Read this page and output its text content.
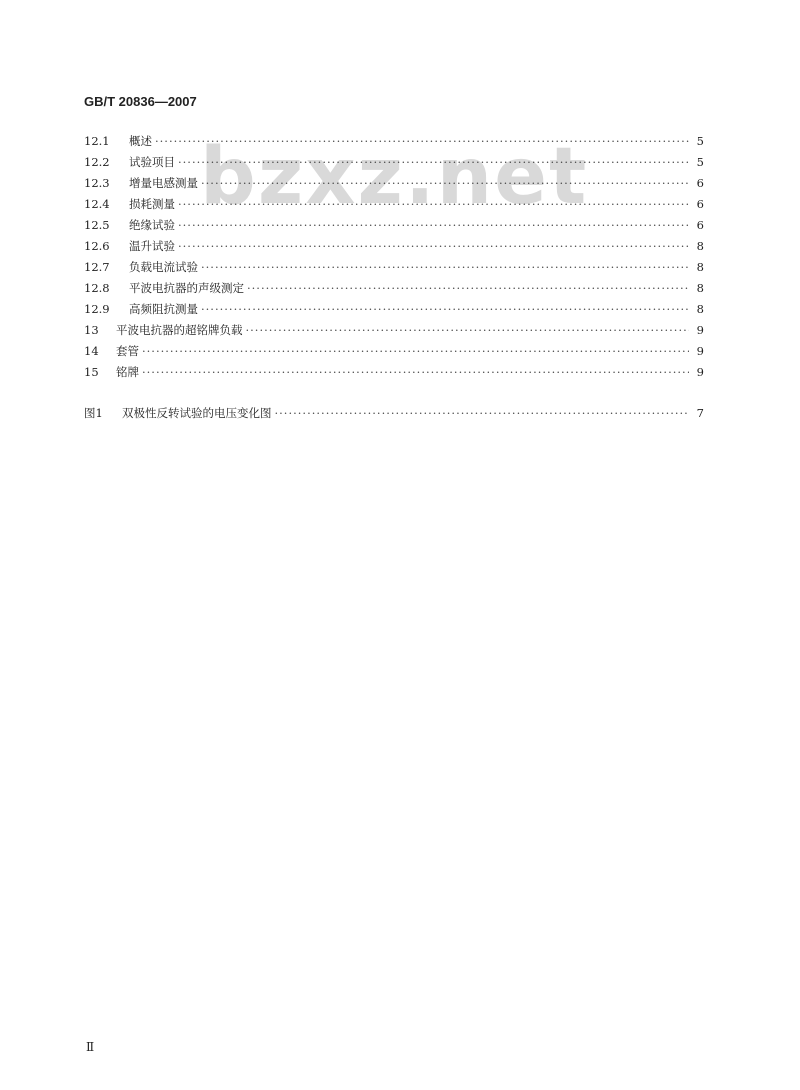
bzxz.net
GB/T 20836—2007
12.1	概述 ·····	5
12.2	试验项目 ·····	5
12.3	增量电感测量 ·····	6
12.4	损耗测量 ·····	6
12.5	绝缘试验 ·····	6
12.6	温升试验 ·····	8
12.7	负载电流试验 ·····	8
12.8	平波电抗器的声级测定 ·····	8
12.9	高频阻抗测量 ·····	8
13	平波电抗器的超铭牌负载 ·····	9
14	套管 ·····	9
15	铭牌 ·····	9
图1	双极性反转试验的电压变化图 ·····	7
Ⅱ
